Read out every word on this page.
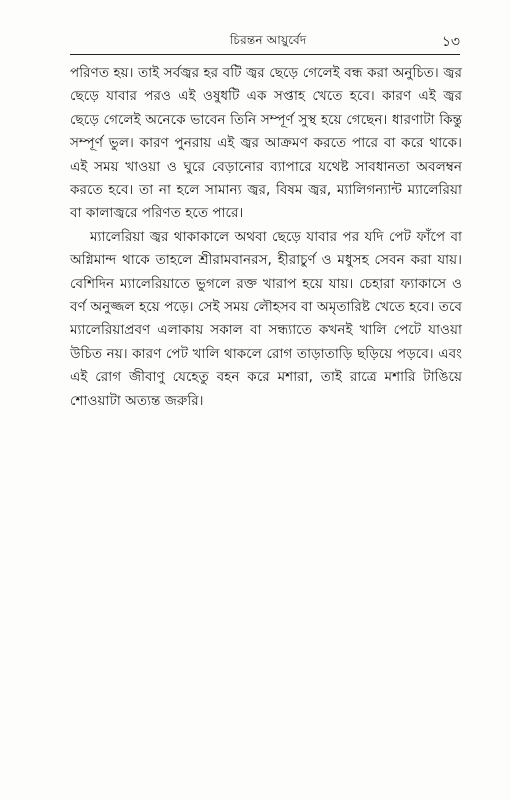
চিরন্তন আয়ুর্বেদ	১৩

পরিণত হয়। তাই সর্বজ্বর হর বটি জ্বর ছেড়ে গেলেই বন্ধ করা অনুচিত। জ্বর ছেড়ে যাবার পরও এই ওষুধটি এক সপ্তাহ খেতে হবে। কারণ এই জ্বর ছেড়ে গেলেই অনেকে ভাবেন তিনি সম্পূর্ণ সুস্থ হয়ে গেছেন। ধারণাটা কিন্তু সম্পূর্ণ ভুল। কারণ পুনরায় এই জ্বর আক্রমণ করতে পারে বা করে থাকে। এই সময় খাওয়া ও ঘুরে বেড়ানোর ব্যাপারে যথেষ্ট সাবধানতা অবলম্বন করতে হবে। তা না হলে সামান্য জ্বর, বিষম জ্বর, ম্যালিগন্যান্ট ম্যালেরিয়া বা কালাজ্বরে পরিণত হতে পারে।

ম্যালেরিয়া জ্বর থাকাকালে অথবা ছেড়ে যাবার পর যদি পেট ফাঁপে বা অগ্নিমান্দ থাকে তাহলে শ্রীরামবানরস, হীরাচুর্ণ ও মধুসহ সেবন করা যায়। বেশিদিন ম্যালেরিয়াতে ভুগলে রক্ত খারাপ হয়ে যায়। চেহারা ফ্যাকাসে ও বর্ণ অনুজ্জল হয়ে পড়ে। সেই সময় লৌহসব বা অমৃতারিষ্ট খেতে হবে। তবে ম্যালেরিয়াপ্রবণ এলাকায় সকাল বা সন্ধ্যাতে কখনই খালি পেটে যাওয়া উচিত নয়। কারণ পেট খালি থাকলে রোগ তাড়াতাড়ি ছড়িয়ে পড়বে। এবং এই রোগ জীবাণু যেহেতু বহন করে মশারা, তাই রাত্রে মশারি টাঙিয়ে শোওয়াটা অত্যন্ত জরুরি।
